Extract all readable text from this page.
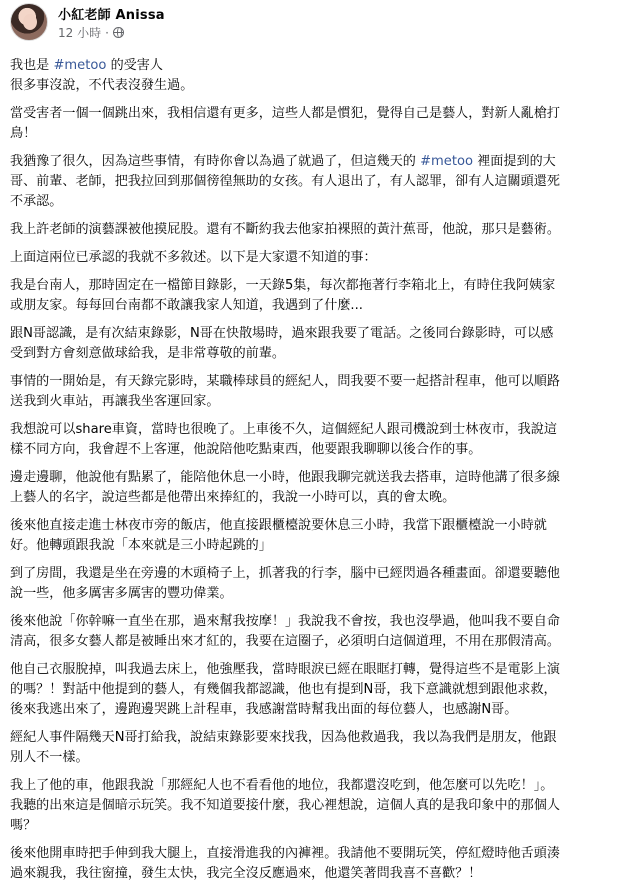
小紅老師 Anissa
12 小時 ·
我也是 #metoo 的受害人
很多事沒說，不代表沒發生過。
當受害者一個一個跳出來，我相信還有更多，這些人都是慣犯，覺得自己是藝人，對新人亂槍打
鳥！
我猶豫了很久，因為這些事情，有時你會以為過了就過了，但這幾天的 #metoo 裡面提到的大
哥、前輩、老師，把我拉回到那個徬徨無助的女孩。有人退出了，有人認罪，卻有人這關頭還死
不承認。
我上許老師的演藝課被他摸屁股。還有不斷約我去他家拍裸照的黃汁蕉哥，他說，那只是藝術。
上面這兩位已承認的我就不多敘述。以下是大家還不知道的事：
我是台南人，那時固定在一檔節目錄影，一天錄5集，每次都拖著行李箱北上，有時住我阿姨家
或朋友家。每每回台南都不敢讓我家人知道，我遇到了什麼...
跟N哥認識，是有次結束錄影，N哥在快散場時，過來跟我要了電話。之後同台錄影時，可以感
受到對方會刻意做球給我，是非常尊敬的前輩。
事情的一開始是，有天錄完影時，某職棒球員的經紀人，問我要不要一起搭計程車，他可以順路
送我到火車站，再讓我坐客運回家。
我想說可以share車資，當時也很晚了。上車後不久，這個經紀人跟司機說到士林夜市，我說這
樣不同方向，我會趕不上客運，他說陪他吃點東西，他要跟我聊聊以後合作的事。
邊走邊聊，他說他有點累了，能陪他休息一小時，他跟我聊完就送我去搭車，這時他講了很多線
上藝人的名字，說這些都是他帶出來捧紅的，我說一小時可以，真的會太晚。
後來他直接走進士林夜市旁的飯店，他直接跟櫃檯說要休息三小時，我當下跟櫃檯說一小時就
好。他轉頭跟我說「本來就是三小時起跳的」
到了房間，我還是坐在旁邊的木頭椅子上，抓著我的行李，腦中已經閃過各種畫面。卻還要聽他
說一些，他多厲害多厲害的豐功偉業。
後來他說「你幹嘛一直坐在那，過來幫我按摩！」我說我不會按，我也沒學過，他叫我不要自命
清高，很多女藝人都是被睡出來才紅的，我要在這圈子，必須明白這個道理，不用在那假清高。
他自己衣服脫掉，叫我過去床上，他強壓我，當時眼淚已經在眼眶打轉，覺得這些不是電影上演
的嗎？！對話中他提到的藝人，有幾個我都認識，他也有提到N哥，我下意識就想到跟他求救，
後來我逃出來了，邊跑邊哭跳上計程車，我感謝當時幫我出面的每位藝人，也感謝N哥。
經紀人事件隔幾天N哥打給我，說結束錄影要來找我，因為他救過我，我以為我們是朋友，他跟
別人不一樣。
我上了他的車，他跟我說「那經紀人也不看看他的地位，我都還沒吃到，他怎麼可以先吃！」。
我聽的出來這是個暗示玩笑。我不知道要接什麼，我心裡想說，這個人真的是我印象中的那個人
嗎？
後來他開車時把手伸到我大腿上，直接滑進我的內褲裡。我請他不要開玩笑，停紅燈時他舌頭湊
過來親我，我往窗撞，發生太快，我完全沒反應過來，他還笑著問我喜不喜歡？！
